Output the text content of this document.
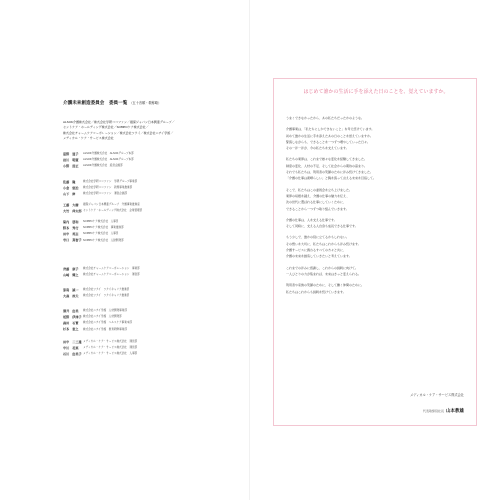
介護未来創造委員会　委員一覧 （五十音順・敬称略）
ALSOK介護株式会社／株式会社学研ココファン／損保ジャパン日本興亜グループ／
セントケア・ホールディング株式会社／SOMPOケア株式会社／
株式会社チャームケアコーポレーション／株式会社ツクイ／株式会社ニチイ学館／
メディカル・ケア・サービス株式会社
星野　道子	ALSOK介護株式会社　ALSOKグループ本部
岩川　明憲	ALSOK介護株式会社　ALSOKグループ本部
小野　浩正	ALSOK介護株式会社　経営企画部
佐藤　隆	株式会社学研ココファン　学研グループ事業部
小倉　悠治	株式会社学研ココファン　新規事業推進部
山下　修	株式会社学研ココファン　運営企画部
工藤　大樹	損保ジャパン日本興亜グループ　介護事業推進室
大竹　伸太郎 セントケア・ホールディング株式会社　企業管理部
菊内　朋和	SOMPOケア株式会社　人事部
野本　秀行	SOMPOケア株式会社　事業推進部
田中　英志	SOMPOケア株式会社　人事部
寺口　真智子 SOMPOケア株式会社　人財開発部
斉藤　康子	株式会社チャームケアコーポレーション　事業部
山崎　輝之	株式会社チャームケアコーポレーション　運営部
原島　誠一	株式会社ツクイ　ツクイキャリア推進部
大森　政夫	株式会社ツクイ　ツクイキャリア推進部
酒井　由美	株式会社ニチイ学館　人材開発事業部
坂野　伊津子 株式会社ニチイ学館　人材開発部
森田　石實	株式会社ニチイ学館　ヘルスケア事業本部
杉本　恵之	株式会社ニチイ学館　教育研修事業部
田中　二三雄 メディカル・ケア・サービス株式会社　運営部
中川　花菜	メディカル・ケア・サービス株式会社　運営部
石川　由美子 メディカル・ケア・サービス株式会社　人事部
はじめて誰かの生活に手を添えた日のことを、覚えていますか。
うまくできなかったから、あの私たちだったかのような。
介護事業は、「私たちにしかできないこと」を考え続けています。
初めて誰かの生活に手を添えたあの日のことを覚えていますか。
緊張しながらも、できることを一つずつ増やしていった日々。
その一歩一歩が、今の私たちを支えています。
私たちの業界は、これまで様々な変化を経験してきました。
制度の変化、人材の不足、そして社会からの期待の高まり。
それでも私たちは、利用者の笑顔のために歩み続けてきました。
「介護の仕事は素晴らしい」と胸を張って言える未来を目指して。
そこで、私たちはこの委員会を立ち上げました。
業界の垣根を越え、介護の仕事の魅力を伝え、
次の世代に選ばれる仕事にしていくために、
できることから一つずつ取り組んでいきます。
介護の仕事は、人を支える仕事です。
そして同時に、支える人自身も成長できる仕事です。
もう少しで、誰かの役に立てるかもしれない。
その想いを大切に、私たちはこれからも歩み続けます。
介護サービスに携わるすべての方々と共に、
介護の未来を創造していきたいと考えています。
これまでの歩みに感謝し、これからの挑戦に向けて。
一人ひとりの力が集まれば、未来はきっと変えられる。
利用者や家族の笑顔のために、そして働く仲間のために。
私たちはこれからも挑戦を続けていきます。
メディカル・ケア・サービス株式会社
代表取締役社長 山本教雄
